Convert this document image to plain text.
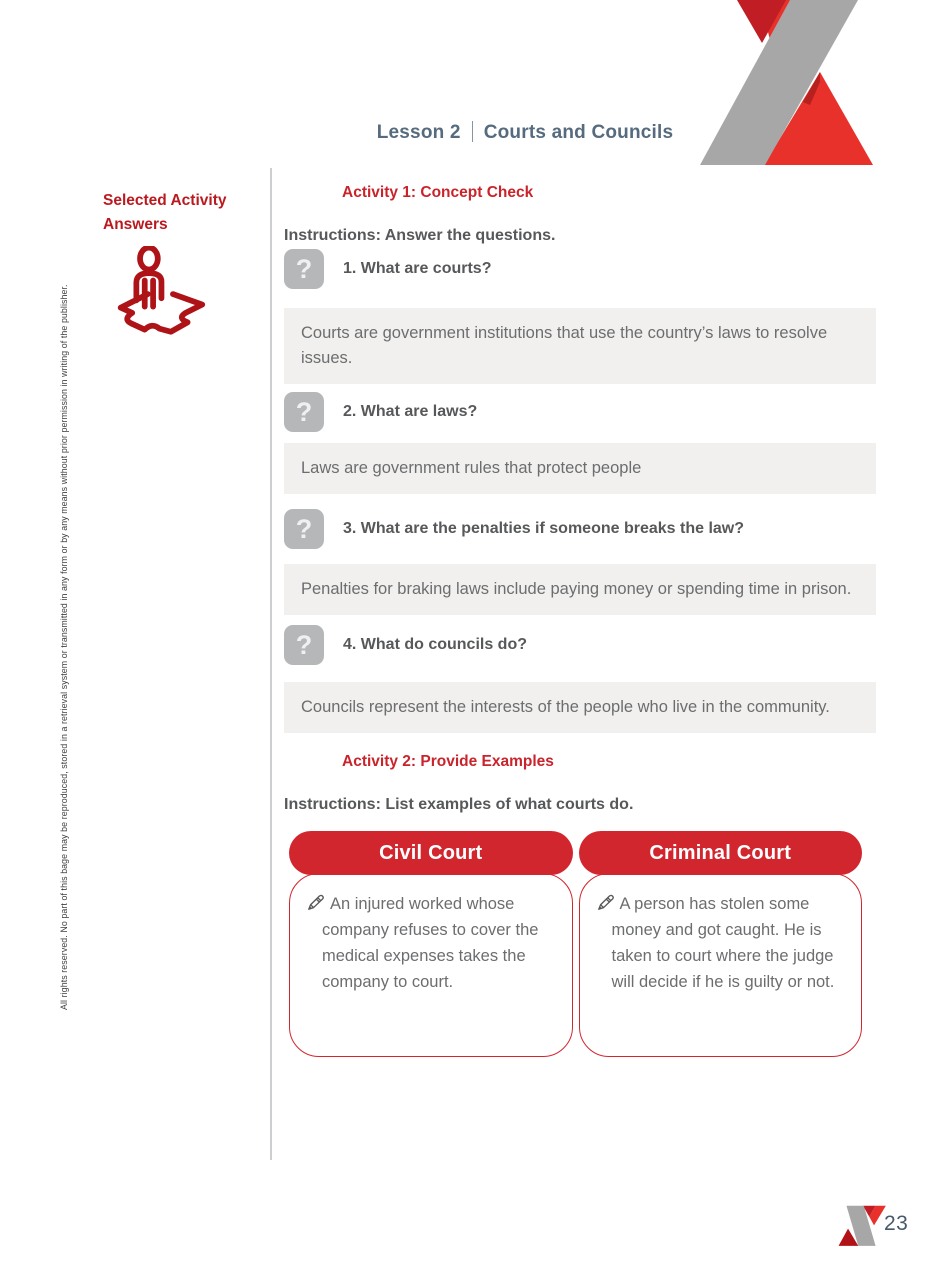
Lesson 2 Courts and Councils
Selected Activity Answers
All rights reserved. No part of this bage may be reproduced, stored in a retrieval system or transmitted in any form or by any means without prior permission in writing of the publisher.
Activity 1: Concept Check
Instructions: Answer the questions.
?	1. What are courts?
Courts are government institutions that use the country’s laws to resolve issues.
?	2. What are laws?
Laws are government rules that protect people
?	3. What are the penalties if someone breaks the law?
Penalties for braking laws include paying money or spending time in prison.
?	4. What do councils do?
Councils represent the interests of the people who live in the community.
Activity 2: Provide Examples
Instructions: List examples of what courts do.
Civil Court
An injured worked whose company refuses to cover the medical expenses takes the company to court.
Criminal Court
A person has stolen some money and got caught. He is taken to court where the judge will decide if he is guilty or not.
23
